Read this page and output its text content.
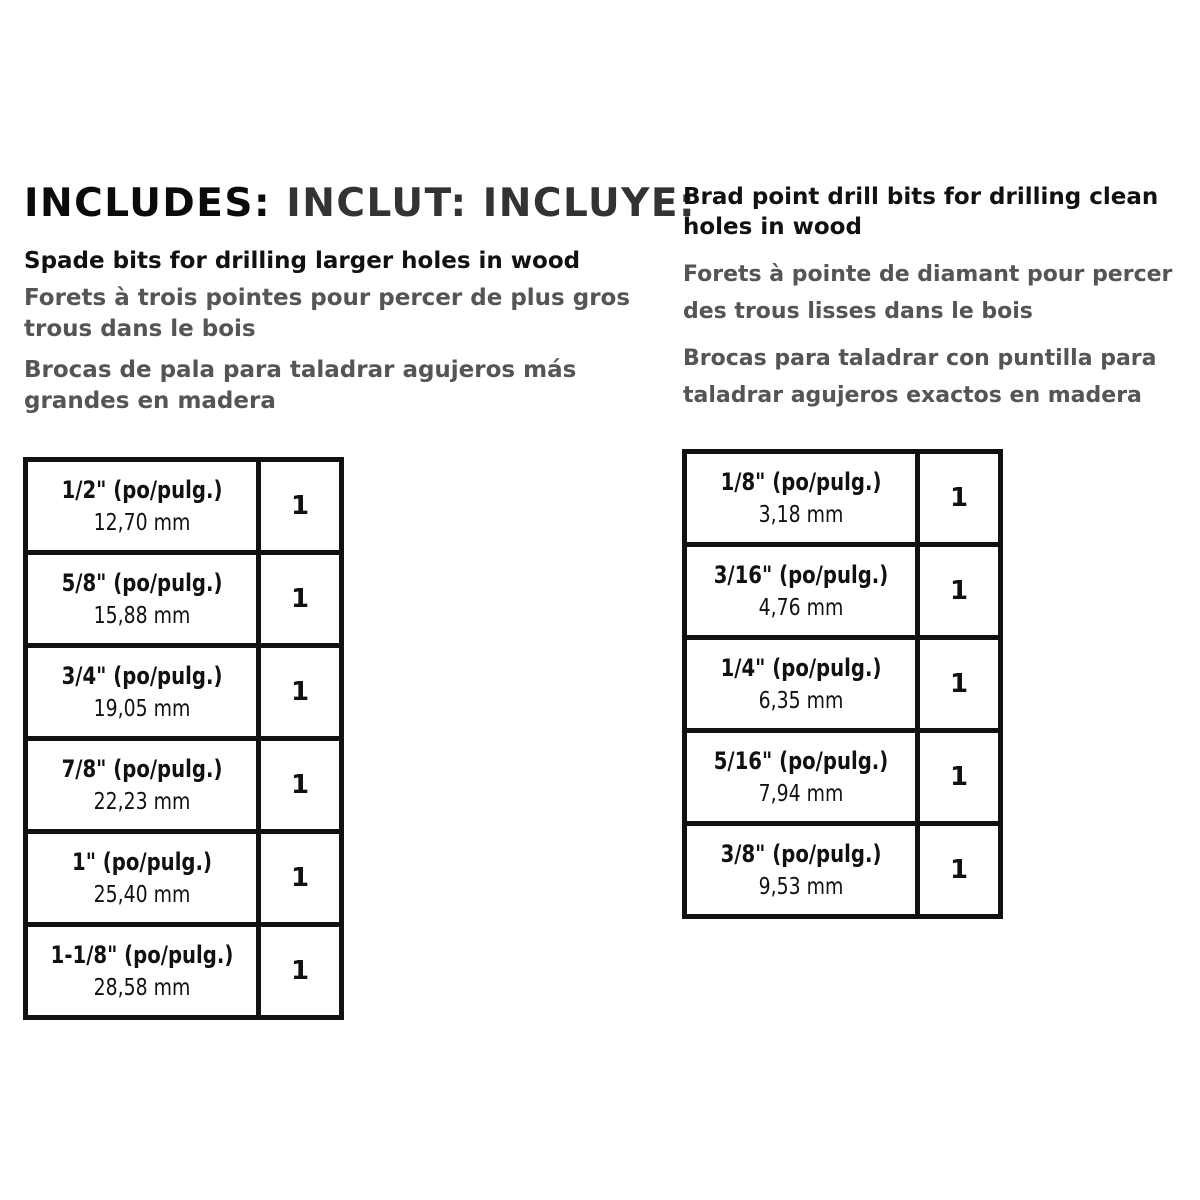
INCLUDES: INCLUT: INCLUYE:
Spade bits for drilling larger holes in wood
Forets à trois pointes pour percer de plus gros trous dans le bois
Brocas de pala para taladrar agujeros más grandes en madera
Brad point drill bits for drilling clean holes in wood
Forets à pointe de diamant pour percer des trous lisses dans le bois
Brocas para taladrar con puntilla para taladrar agujeros exactos en madera
1/2" (po/pulg.)
12,70 mm	1

5/8" (po/pulg.)
15,88 mm	1

3/4" (po/pulg.)
19,05 mm	1

7/8" (po/pulg.)
22,23 mm	1

1" (po/pulg.)
25,40 mm	1

1-1/8" (po/pulg.)
28,58 mm	1
1/8" (po/pulg.)
3,18 mm	1

3/16" (po/pulg.)
4,76 mm	1

1/4" (po/pulg.)
6,35 mm	1

5/16" (po/pulg.)
7,94 mm	1

3/8" (po/pulg.)
9,53 mm	1
